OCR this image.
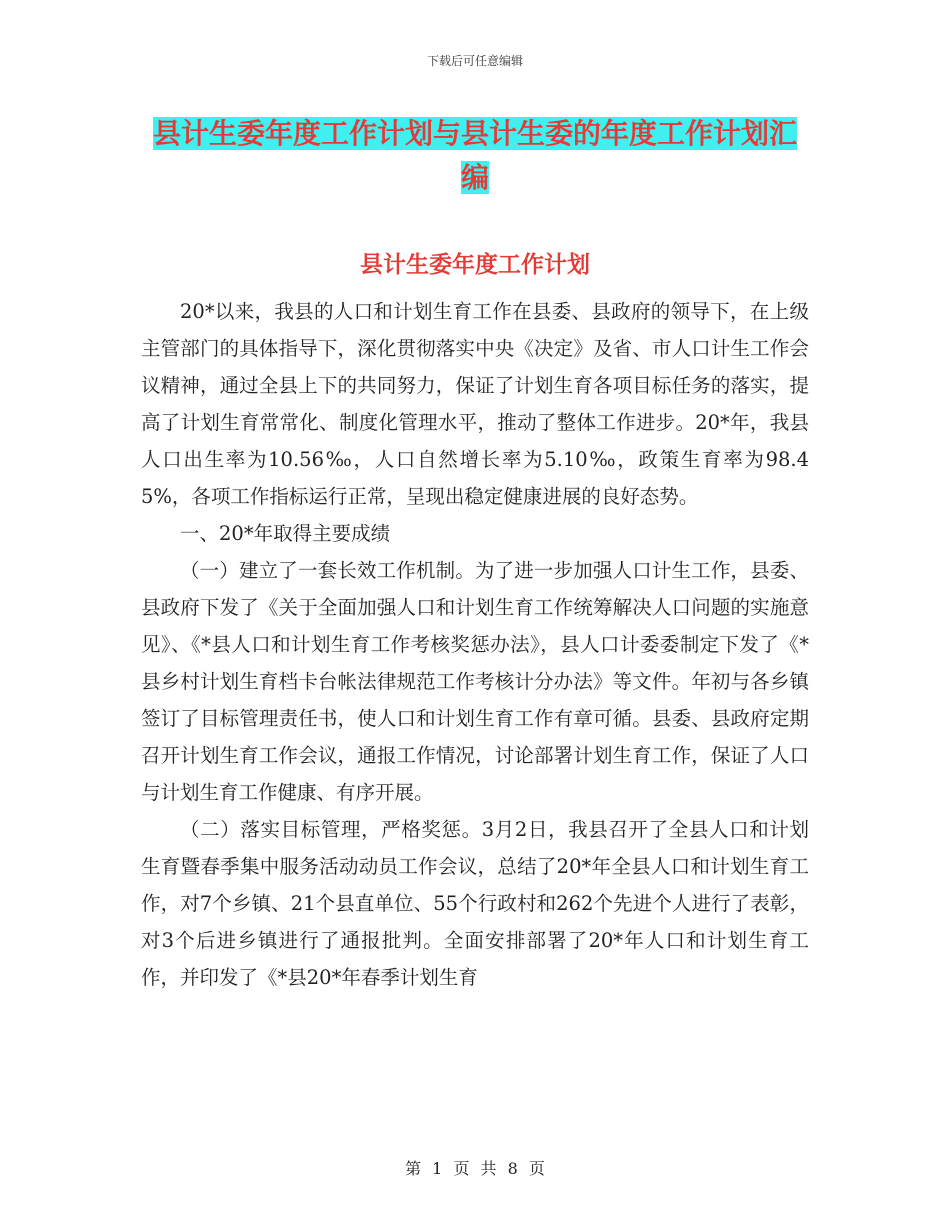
下载后可任意编辑
县计生委年度工作计划与县计生委的年度工作计划汇编
县计生委年度工作计划

20*以来，我县的人口和计划生育工作在县委、县政府的领导下，在上级主管部门的具体指导下，深化贯彻落实中央《决定》及省、市人口计生工作会议精神，通过全县上下的共同努力，保证了计划生育各项目标任务的落实，提高了计划生育常常化、制度化管理水平，推动了整体工作进步。20*年，我县人口出生率为10.56‰，人口自然增长率为5.10‰，政策生育率为98.45%，各项工作指标运行正常，呈现出稳定健康进展的良好态势。

一、20*年取得主要成绩

（一）建立了一套长效工作机制。为了进一步加强人口计生工作，县委、县政府下发了《关于全面加强人口和计划生育工作统筹解决人口问题的实施意见》、《*县人口和计划生育工作考核奖惩办法》，县人口计委委制定下发了《*县乡村计划生育档卡台帐法律规范工作考核计分办法》等文件。年初与各乡镇签订了目标管理责任书，使人口和计划生育工作有章可循。县委、县政府定期召开计划生育工作会议，通报工作情况，讨论部署计划生育工作，保证了人口与计划生育工作健康、有序开展。

（二）落实目标管理，严格奖惩。3月2日，我县召开了全县人口和计划生育暨春季集中服务活动动员工作会议，总结了20*年全县人口和计划生育工作，对7个乡镇、21个县直单位、55个行政村和262个先进个人进行了表彰，对3个后进乡镇进行了通报批判。全面安排部署了20*年人口和计划生育工作，并印发了《*县20*年春季计划生育

第 1 页 共 8 页
